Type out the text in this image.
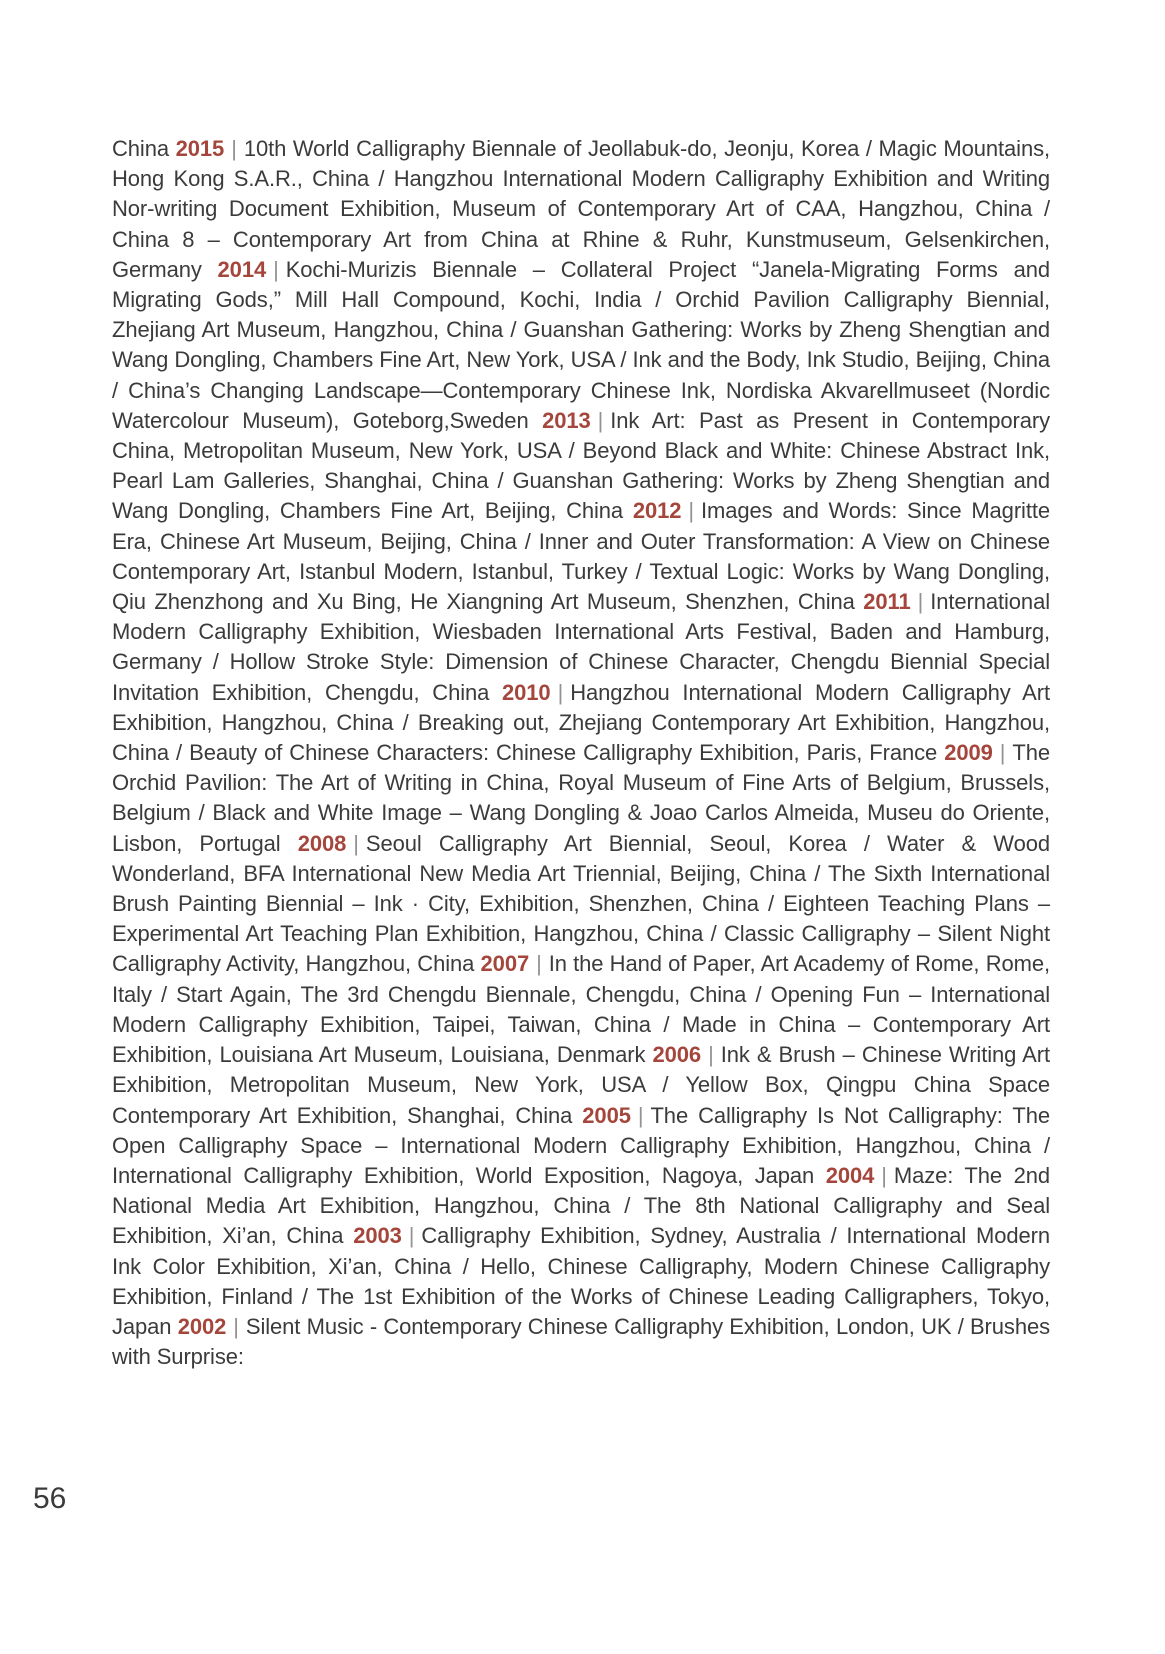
China 2015 | 10th World Calligraphy Biennale of Jeollabuk-do, Jeonju, Korea / Magic Mountains, Hong Kong S.A.R., China / Hangzhou International Modern Calligraphy Exhibition and Writing Nor-writing Document Exhibition, Museum of Contemporary Art of CAA, Hangzhou, China / China 8 – Contemporary Art from China at Rhine & Ruhr, Kunstmuseum, Gelsenkirchen, Germany 2014 | Kochi-Murizis Biennale – Collateral Project “Janela-Migrating Forms and Migrating Gods,” Mill Hall Compound, Kochi, India / Orchid Pavilion Calligraphy Biennial, Zhejiang Art Museum, Hangzhou, China / Guanshan Gathering: Works by Zheng Shengtian and Wang Dongling, Chambers Fine Art, New York, USA / Ink and the Body, Ink Studio, Beijing, China / China’s Changing Landscape—Contemporary Chinese Ink, Nordiska Akvarellmuseet (Nordic Watercolour Museum), Goteborg,Sweden 2013 | Ink Art: Past as Present in Contemporary China, Metropolitan Museum, New York, USA / Beyond Black and White: Chinese Abstract Ink, Pearl Lam Galleries, Shanghai, China / Guanshan Gathering: Works by Zheng Shengtian and Wang Dongling, Chambers Fine Art, Beijing, China 2012 | Images and Words: Since Magritte Era, Chinese Art Museum, Beijing, China / Inner and Outer Transformation: A View on Chinese Contemporary Art, Istanbul Modern, Istanbul, Turkey / Textual Logic: Works by Wang Dongling, Qiu Zhenzhong and Xu Bing, He Xiangning Art Museum, Shenzhen, China 2011 | International Modern Calligraphy Exhibition, Wiesbaden International Arts Festival, Baden and Hamburg, Germany / Hollow Stroke Style: Dimension of Chinese Character, Chengdu Biennial Special Invitation Exhibition, Chengdu, China 2010 | Hangzhou International Modern Calligraphy Art Exhibition, Hangzhou, China / Breaking out, Zhejiang Contemporary Art Exhibition, Hangzhou, China / Beauty of Chinese Characters: Chinese Calligraphy Exhibition, Paris, France 2009 | The Orchid Pavilion: The Art of Writing in China, Royal Museum of Fine Arts of Belgium, Brussels, Belgium / Black and White Image – Wang Dongling & Joao Carlos Almeida, Museu do Oriente, Lisbon, Portugal 2008 | Seoul Calligraphy Art Biennial, Seoul, Korea / Water & Wood Wonderland, BFA International New Media Art Triennial, Beijing, China / The Sixth International Brush Painting Biennial – Ink · City, Exhibition, Shenzhen, China / Eighteen Teaching Plans – Experimental Art Teaching Plan Exhibition, Hangzhou, China / Classic Calligraphy – Silent Night Calligraphy Activity, Hangzhou, China 2007 | In the Hand of Paper, Art Academy of Rome, Rome, Italy / Start Again, The 3rd Chengdu Biennale, Chengdu, China / Opening Fun – International Modern Calligraphy Exhibition, Taipei, Taiwan, China / Made in China – Contemporary Art Exhibition, Louisiana Art Museum, Louisiana, Denmark 2006 | Ink & Brush – Chinese Writing Art Exhibition, Metropolitan Museum, New York, USA / Yellow Box, Qingpu China Space Contemporary Art Exhibition, Shanghai, China 2005 | The Calligraphy Is Not Calligraphy: The Open Calligraphy Space – International Modern Calligraphy Exhibition, Hangzhou, China / International Calligraphy Exhibition, World Exposition, Nagoya, Japan 2004 | Maze: The 2nd National Media Art Exhibition, Hangzhou, China / The 8th National Calligraphy and Seal Exhibition, Xi’an, China 2003 | Calligraphy Exhibition, Sydney, Australia / International Modern Ink Color Exhibition, Xi’an, China / Hello, Chinese Calligraphy, Modern Chinese Calligraphy Exhibition, Finland / The 1st Exhibition of the Works of Chinese Leading Calligraphers, Tokyo, Japan 2002 | Silent Music - Contemporary Chinese Calligraphy Exhibition, London, UK / Brushes with Surprise:

56
